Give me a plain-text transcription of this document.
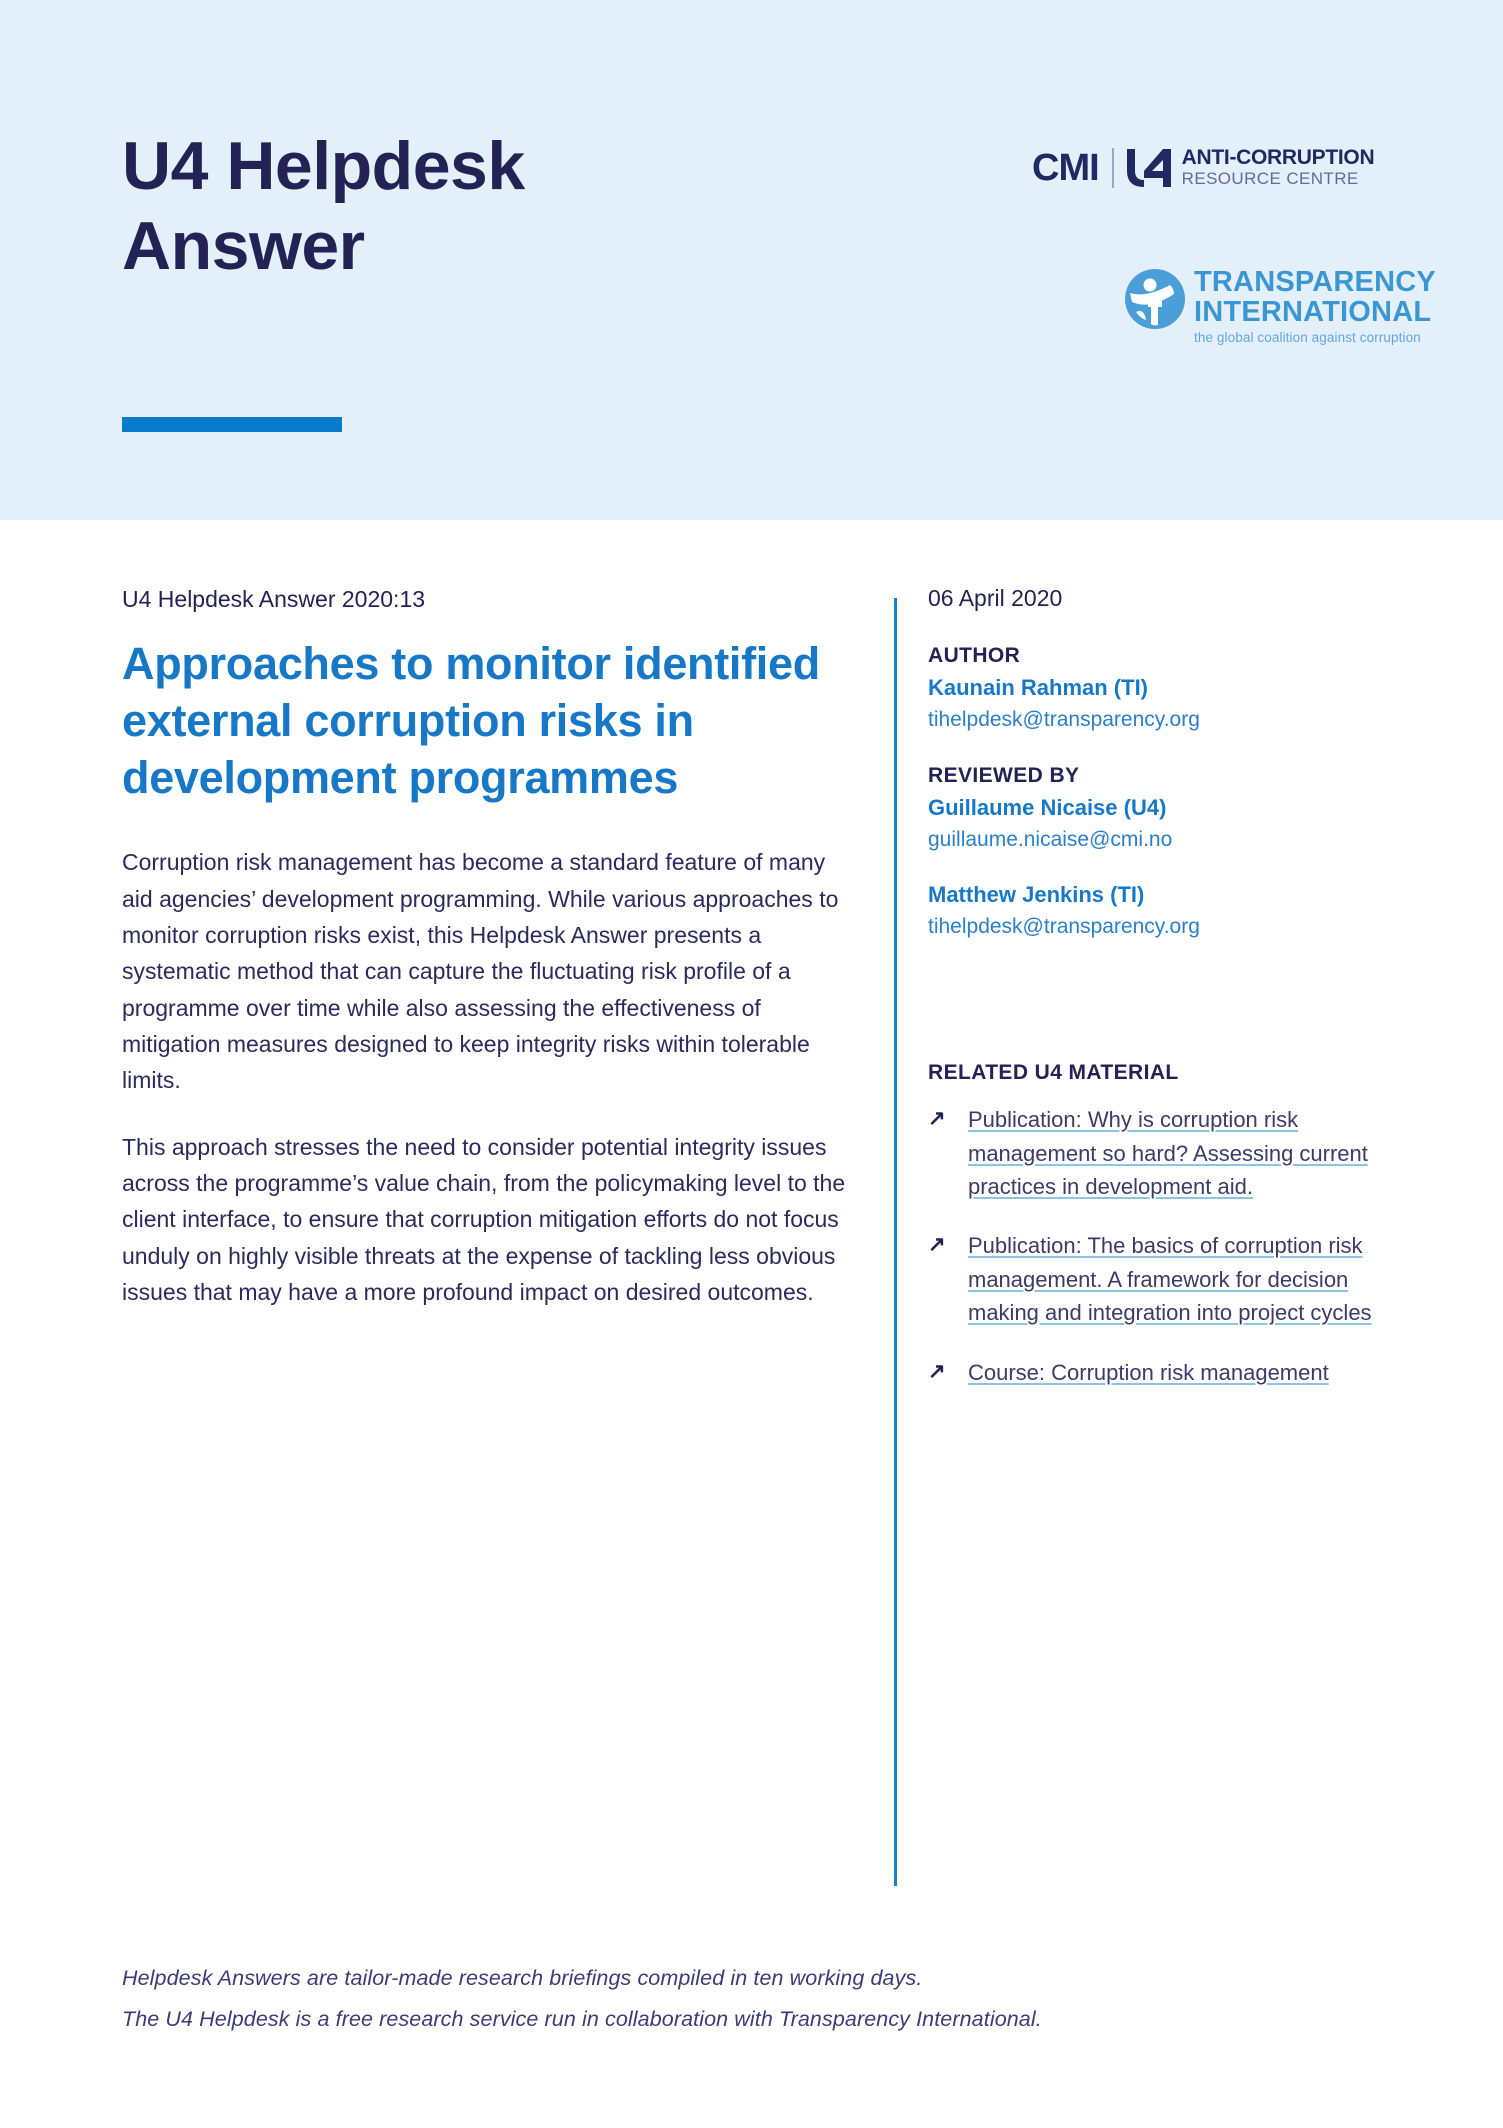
U4 Helpdesk
Answer
CMI	ANTI-CORRUPTION
RESOURCE CENTRE
TRANSPARENCY
INTERNATIONAL
the global coalition against corruption
U4 Helpdesk Answer 2020:13
Approaches to monitor identified external corruption risks in development programmes

Corruption risk management has become a standard feature of many aid agencies’ development programming. While various approaches to monitor corruption risks exist, this Helpdesk Answer presents a systematic method that can capture the fluctuating risk profile of a programme over time while also assessing the effectiveness of mitigation measures designed to keep integrity risks within tolerable limits.

This approach stresses the need to consider potential integrity issues across the programme’s value chain, from the policymaking level to the client interface, to ensure that corruption mitigation efforts do not focus unduly on highly visible threats at the expense of tackling less obvious issues that may have a more profound impact on desired outcomes.

06 April 2020
AUTHOR
Kaunain Rahman (TI)
tihelpdesk@transparency.org
REVIEWED BY
Guillaume Nicaise (U4)
guillaume.nicaise@cmi.no
Matthew Jenkins (TI)
tihelpdesk@transparency.org
RELATED U4 MATERIAL
↗	Publication: Why is corruption risk management so hard? Assessing current practices in development aid.
↗	Publication: The basics of corruption risk management. A framework for decision making and integration into project cycles
↗	Course: Corruption risk management
Helpdesk Answers are tailor-made research briefings compiled in ten working days.
The U4 Helpdesk is a free research service run in collaboration with Transparency International.
